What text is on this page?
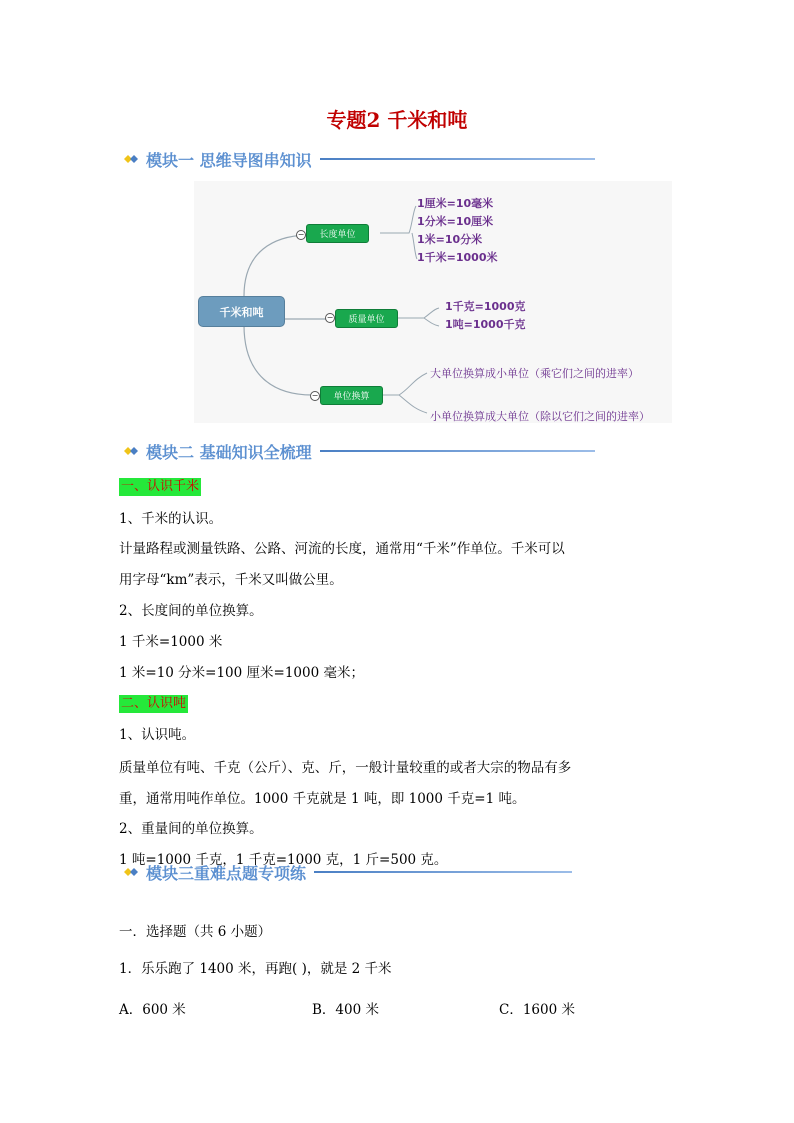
专题2 千米和吨
模块一 思维导图串知识
千米和吨
−	长度单位
−	质量单位
−	单位换算
1厘米=10毫米
1分米=10厘米
1米=10分米
1千米=1000米
1千克=1000克
1吨=1000千克
大单位换算成小单位（乘它们之间的进率）
小单位换算成大单位（除以它们之间的进率）
模块二 基础知识全梳理
一、认识千米
1、千米的认识。
计量路程或测量铁路、公路、河流的长度，通常用“千米”作单位。千米可以
用字母“km”表示，千米又叫做公里。
2、长度间的单位换算。
1 千米=1000 米
1 米=10 分米=100 厘米=1000 毫米；
二、认识吨
1、认识吨。
质量单位有吨、千克（公斤）、克、斤，一般计量较重的或者大宗的物品有多
重，通常用吨作单位。1000 千克就是 1 吨，即 1000 千克=1 吨。
2、重量间的单位换算。
1 吨=1000 千克，1 千克=1000 克，1 斤=500 克。
模块三重难点题专项练
一．选择题（共 6 小题）
1．乐乐跑了 1400 米，再跑( )，就是 2 千米
A．600 米	B．400 米	C．1600 米
